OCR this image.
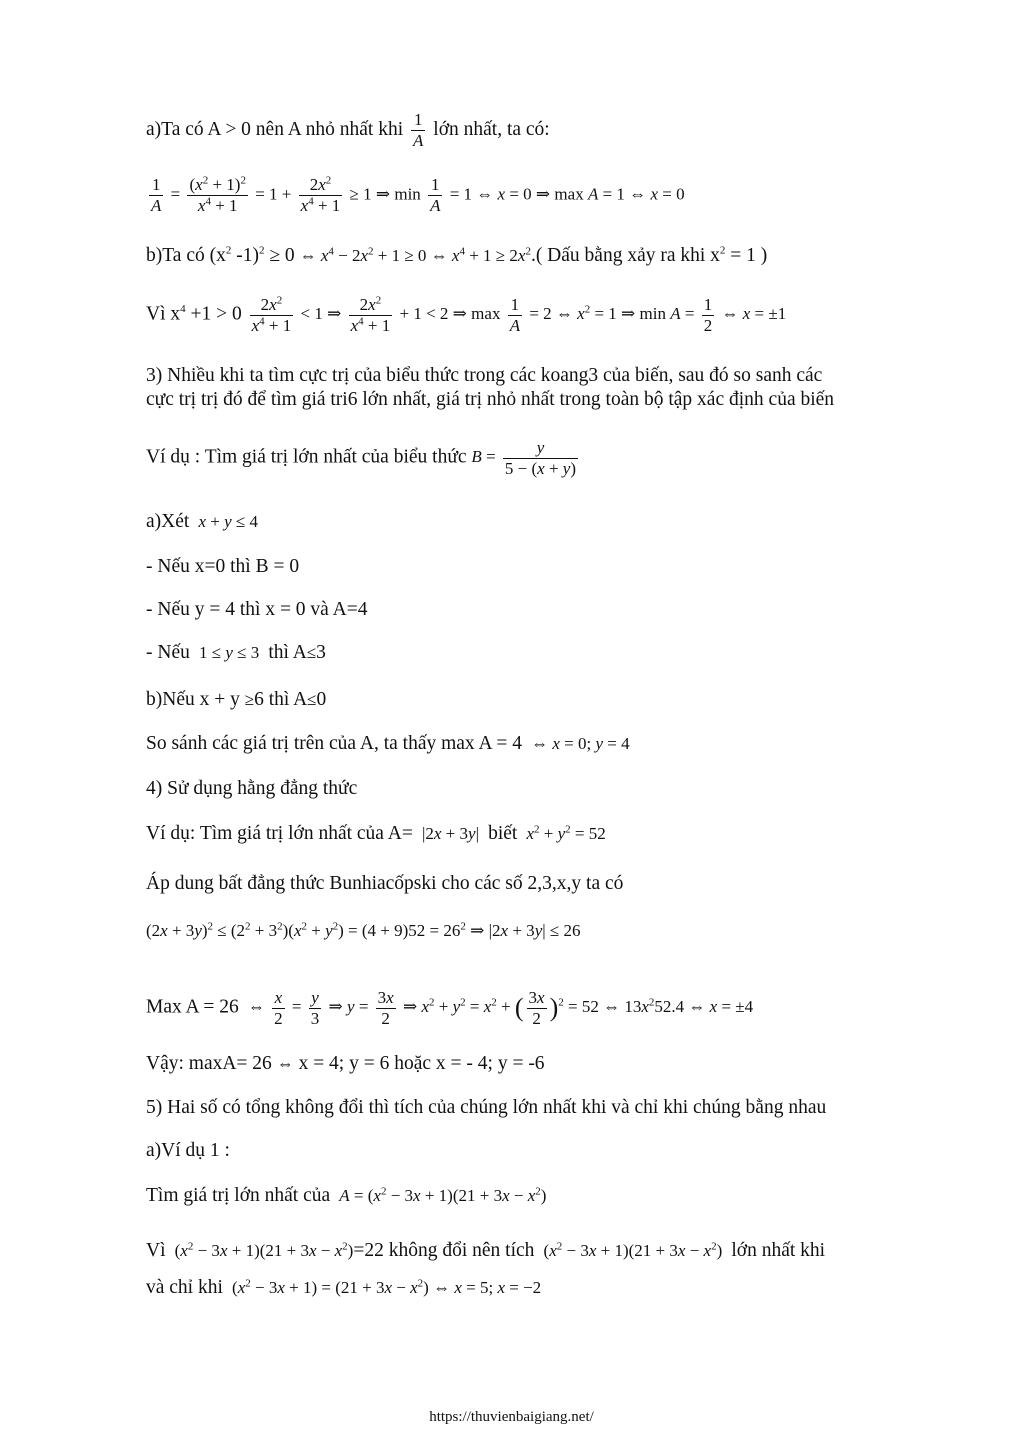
a)Ta có A > 0 nên A nhỏ nhất khi $\frac{1}{A}$ lớn nhất, ta có:
$\frac{1}{A} = \frac{(x^2 + 1)^2}{x^4 + 1} = 1 + \frac{2x^2}{x^4 + 1} \ge 1$ ⇒ $\min \frac{1}{A} = 1$ ⇔ x = 0 ⇒ max A = 1 ⇔ x = 0
b)Ta có ($x^2$ -1)$^2$ ≥ 0 ⇔ $x^4 - 2x^2 + 1 \ge 0$ ⇔ $x^4 + 1 \ge 2x^2$.( Dấu bằng xảy ra khi $x^2 = 1$ )
Vì $x^4 +1 > 0 \frac{2x^2}{x^4 + 1} < 1$ ⇒ $\frac{2x^2}{x^4 + 1} + 1 < 2$ ⇒ $\max \frac{1}{A} = 2$ ⇔ $x^2 = 1$ ⇒ $\min A = \frac{1}{2}$ ⇔ x = ±1
3) Nhiều khi ta tìm cực trị của biểu thức trong các koang3 của biến, sau đó so sanh các
cực trị trị đó để tìm giá tri6 lớn nhất, giá trị nhỏ nhất trong toàn bộ tập xác định của biến
Ví dụ : Tìm giá trị lớn nhất của biểu thức $B = \frac{y}{5 - (x + y)}$
a)Xét x + y ≤ 4
- Nếu x=0 thì B = 0
- Nếu y = 4 thì x = 0 và A=4
- Nếu  1 ≤ y ≤ 3  thì A≤3
b)Nếu x + y ≥6 thì A≤0
So sánh các giá trị trên của A, ta thấy max A = 4  ⇔ x = 0; y = 4
4) Sử dụng hằng đẳng thức
Ví dụ: Tìm giá trị lớn nhất của A=  |2x + 3y|  biết $x^2 + y^2 = 52$
Áp dung bất đẳng thức Bunhiacốpski cho các số 2,3,x,y ta có
$(2x + 3y)^2 \le (2^2 + 3^2)(x^2 + y^2) = (4 + 9)52 = 26^2$ ⇒ |2x + 3y| ≤ 26
Max A = 26  ⇔ $\frac{x}{2} = \frac{y}{3}$ ⇒ $y = \frac{3x}{2}$ ⇒ $x^2 + y^2 = x^2$ + ( $\frac{3x}{2} )^2 = 52$ ⇔ $13x^252.4$ ⇔ x = ±4
Vậy: maxA= 26 ⇔ x = 4; y = 6 hoặc x = - 4; y = -6
5) Hai số có tổng không đổi thì tích của chúng lớn nhất khi và chỉ khi chúng bằng nhau
a)Ví dụ 1 :
Tìm giá trị lớn nhất của $A = (x^2 - 3x + 1)(21 + 3x - x^2)$
Vì  $(x^2 - 3x + 1)(21 + 3x - x^2)=22$ không đổi nên tích  $(x^2 - 3x + 1)(21 + 3x - x^2)$  lớn nhất khi
và chỉ khi  $(x^2 - 3x + 1) = (21 + 3x - x^2)$ ⇔ x = 5; x = −2
https://thuvienbaigiang.net/
